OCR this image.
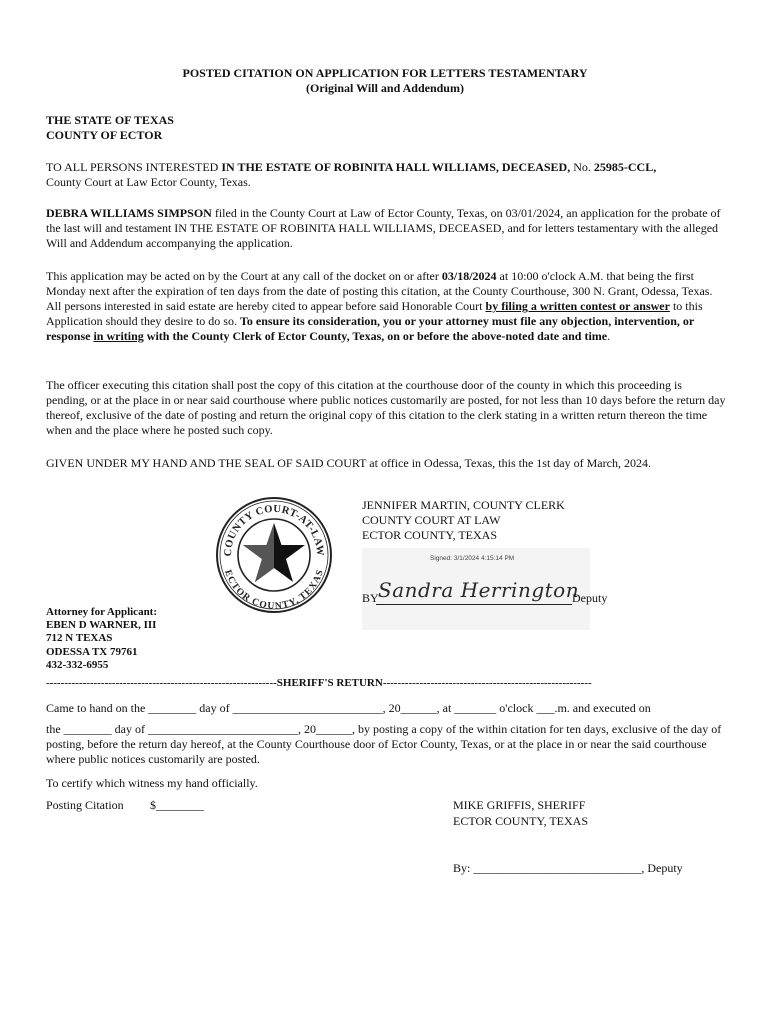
POSTED CITATION ON APPLICATION FOR LETTERS TESTAMENTARY
(Original Will and Addendum)
THE STATE OF TEXAS
COUNTY OF ECTOR
TO ALL PERSONS INTERESTED IN THE ESTATE OF ROBINITA HALL WILLIAMS, DECEASED, No. 25985-CCL,
County Court at Law Ector County, Texas.
DEBRA WILLIAMS SIMPSON filed in the County Court at Law of Ector County, Texas, on 03/01/2024, an application for the probate of the last will and testament IN THE ESTATE OF ROBINITA HALL WILLIAMS, DECEASED, and for letters testamentary with the alleged Will and Addendum accompanying the application.
This application may be acted on by the Court at any call of the docket on or after 03/18/2024 at 10:00 o'clock A.M. that being the first Monday next after the expiration of ten days from the date of posting this citation, at the County Courthouse, 300 N. Grant, Odessa, Texas. All persons interested in said estate are hereby cited to appear before said Honorable Court by filing a written contest or answer to this Application should they desire to do so. To ensure its consideration, you or your attorney must file any objection, intervention, or response in writing with the County Clerk of Ector County, Texas, on or before the above-noted date and time.
The officer executing this citation shall post the copy of this citation at the courthouse door of the county in which this proceeding is pending, or at the place in or near said courthouse where public notices customarily are posted, for not less than 10 days before the return day thereof, exclusive of the date of posting and return the original copy of this citation to the clerk stating in a written return thereon the time when and the place where he posted such copy.
GIVEN UNDER MY HAND AND THE SEAL OF SAID COURT at office in Odessa, Texas, this the 1st day of March, 2024.
COUNTY COURT-AT-LAW
ECTOR COUNTY, TEXAS
JENNIFER MARTIN, COUNTY CLERK
COUNTY COURT AT LAW
ECTOR COUNTY, TEXAS
Signed: 3/1/2024 4:15:14 PM
BY Sandra Herrington
Deputy
Attorney for Applicant:
EBEN D WARNER, III
712 N TEXAS
ODESSA TX 79761
432-332-6955
---------------------------------------------------------------SHERIFF'S RETURN---------------------------------------------------------
Came to hand on the ________ day of _________________________, 20______, at _______ o'clock ___.m. and executed on
the ________ day of _________________________, 20______, by posting a copy of the within citation for ten days, exclusive of the day of posting, before the return day hereof, at the County Courthouse door of Ector County, Texas, or at the place in or near the said courthouse where public notices customarily are posted.
To certify which witness my hand officially.
Posting Citation $________	MIKE GRIFFIS, SHERIFF
ECTOR COUNTY, TEXAS
By: ____________________________, Deputy
